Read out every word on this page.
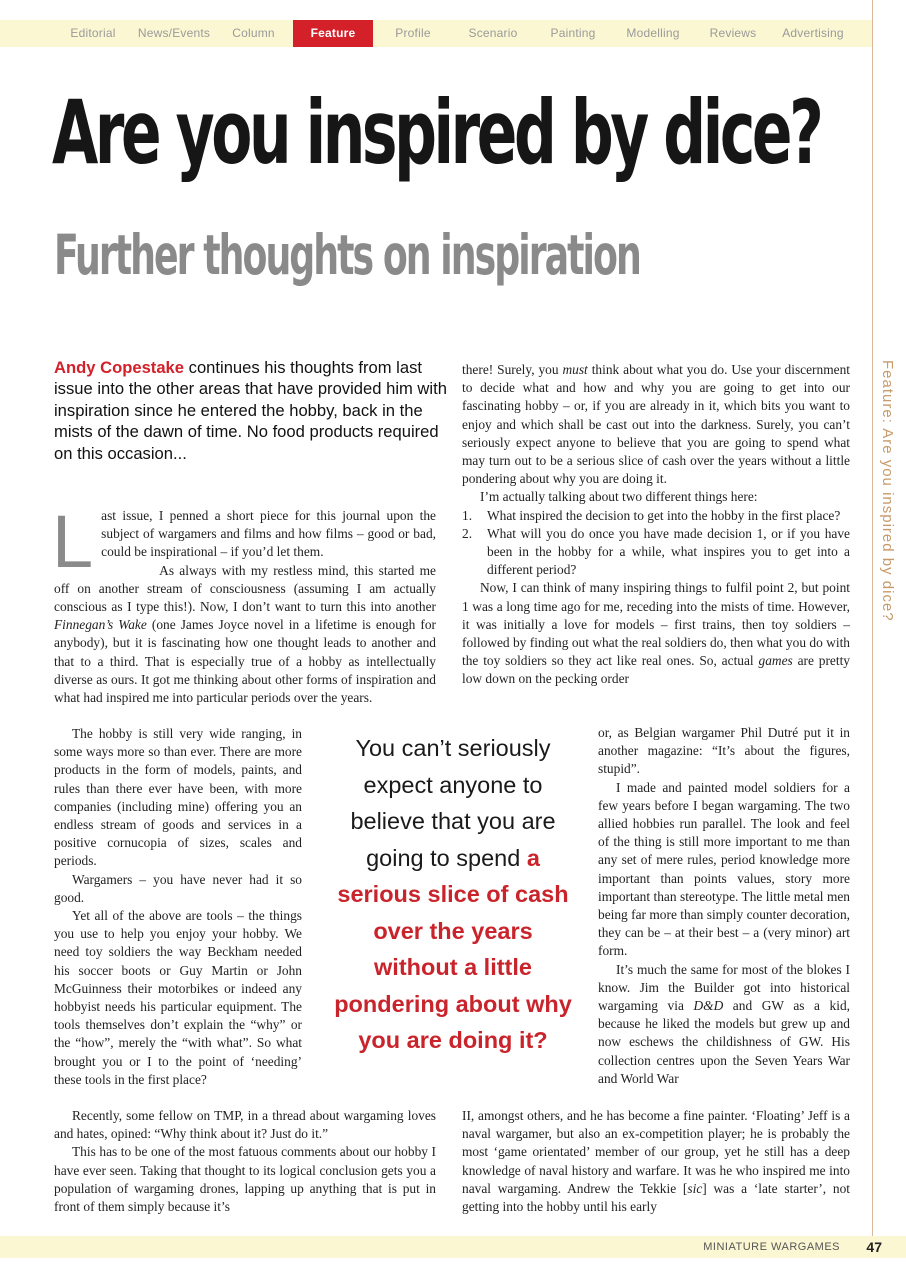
Editorial	News/Events	Column	Feature	Profile	Scenario	Painting	Modelling	Reviews	Advertising
Feature: Are you inspired by dice?
Are you inspired by dice?
Further thoughts on inspiration
Andy Copestake continues his thoughts from last issue into the other areas that have provided him with inspiration since he entered the hobby, back in the mists of the dawn of time. No food products required on this occasion...

Last issue, I penned a short piece for this journal upon the subject of wargamers and films and how films – good or bad, could be inspirational – if you’d let them.

As always with my restless mind, this started me off on another stream of consciousness (assuming I am actually conscious as I type this!). Now, I don’t want to turn this into another Finnegan’s Wake (one James Joyce novel in a lifetime is enough for anybody), but it is fascinating how one thought leads to another and that to a third. That is especially true of a hobby as intellectually diverse as ours. It got me thinking about other forms of inspiration and what had inspired me into particular periods over the years.

The hobby is still very wide ranging, in some ways more so than ever. There are more products in the form of models, paints, and rules than there ever have been, with more companies (including mine) offering you an endless stream of goods and services in a positive cornucopia of sizes, scales and periods.

Wargamers – you have never had it so good.

Yet all of the above are tools – the things you use to help you enjoy your hobby. We need toy soldiers the way Beckham needed his soccer boots or Guy Martin or John McGuinness their motorbikes or indeed any hobbyist needs his particular equipment. The tools themselves don’t explain the “why” or the “how”, merely the “with what”. So what brought you or I to the point of ‘needing’ these tools in the first place?

Recently, some fellow on TMP, in a thread about wargaming loves and hates, opined: “Why think about it? Just do it.”

This has to be one of the most fatuous comments about our hobby I have ever seen. Taking that thought to its logical conclusion gets you a population of wargaming drones, lapping up anything that is put in front of them simply because it’s

there! Surely, you must think about what you do. Use your discernment to decide what and how and why you are going to get into our fascinating hobby – or, if you are already in it, which bits you want to enjoy and which shall be cast out into the darkness. Surely, you can’t seriously expect anyone to believe that you are going to spend what may turn out to be a serious slice of cash over the years without a little pondering about why you are doing it.

I’m actually talking about two different things here:

1. What inspired the decision to get into the hobby in the first place?
2. What will you do once you have made decision 1, or if you have been in the hobby for a while, what inspires you to get into a different period?

Now, I can think of many inspiring things to fulfil point 2, but point 1 was a long time ago for me, receding into the mists of time. However, it was initially a love for models – first trains, then toy soldiers – followed by finding out what the real soldiers do, then what you do with the toy soldiers so they act like real ones. So, actual games are pretty low down on the pecking order

You can’t seriously expect anyone to believe that you are going to spend a serious slice of cash over the years without a little pondering about why you are doing it?

or, as Belgian wargamer Phil Dutré put it in another magazine: “It’s about the figures, stupid”.

I made and painted model soldiers for a few years before I began wargaming. The two allied hobbies run parallel. The look and feel of the thing is still more important to me than any set of mere rules, period knowledge more important than points values, story more important than stereotype. The little metal men being far more than simply counter decoration, they can be – at their best – a (very minor) art form.

It’s much the same for most of the blokes I know. Jim the Builder got into historical wargaming via D&D and GW as a kid, because he liked the models but grew up and now eschews the childishness of GW. His collection centres upon the Seven Years War and World War

II, amongst others, and he has become a fine painter. ‘Floating’ Jeff is a naval wargamer, but also an ex-competition player; he is probably the most ‘game orientated’ member of our group, yet he still has a deep knowledge of naval history and warfare. It was he who inspired me into naval wargaming. Andrew the Tekkie [sic] was a ‘late starter’, not getting into the hobby until his early

MINIATURE WARGAMES 47
